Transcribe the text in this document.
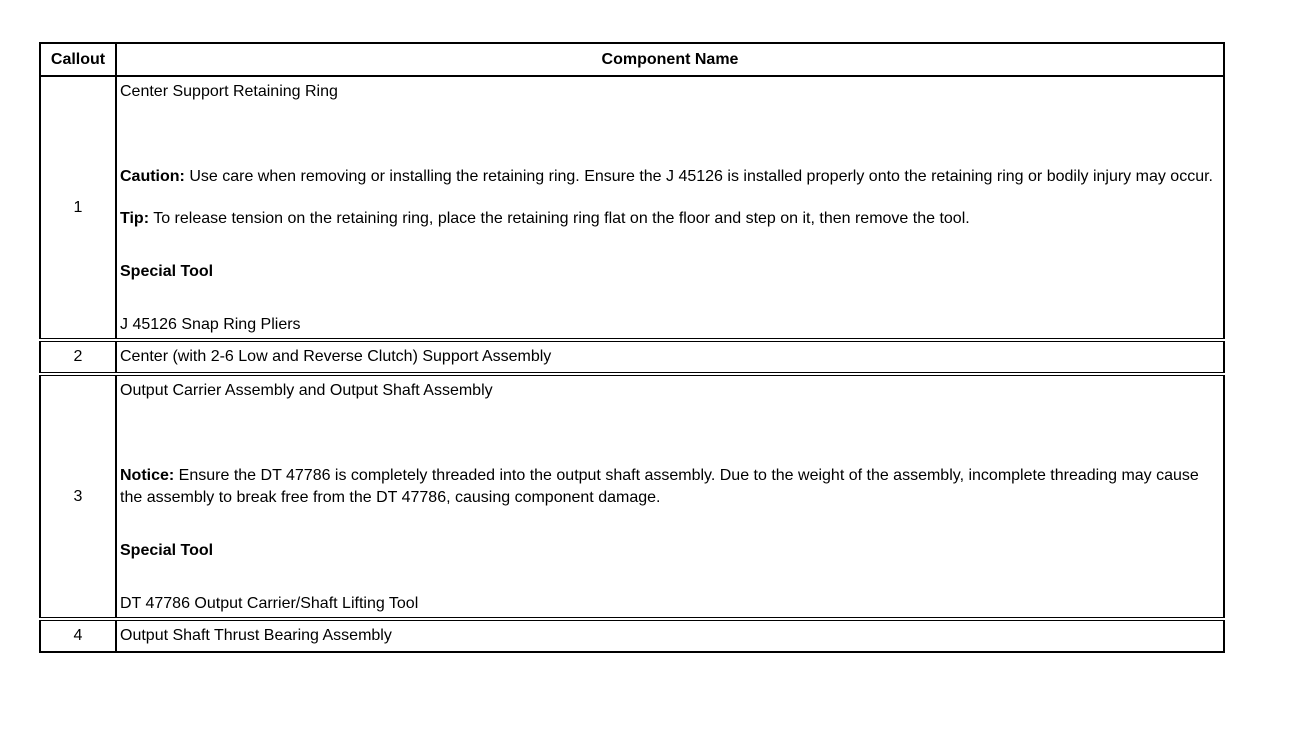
Callout	Component Name
1	Center Support Retaining Ring
Caution: Use care when removing or installing the retaining ring. Ensure the J 45126 is installed properly onto the retaining ring or bodily injury may occur.
Tip: To release tension on the retaining ring, place the retaining ring flat on the floor and step on it, then remove the tool.
Special Tool
J 45126 Snap Ring Pliers

2	Center (with 2-6 Low and Reverse Clutch) Support Assembly
3	Output Carrier Assembly and Output Shaft Assembly
Notice: Ensure the DT 47786 is completely threaded into the output shaft assembly. Due to the weight of the assembly, incomplete threading may cause the assembly to break free from the DT 47786, causing component damage.
Special Tool
DT 47786 Output Carrier/Shaft Lifting Tool

4	Output Shaft Thrust Bearing Assembly
